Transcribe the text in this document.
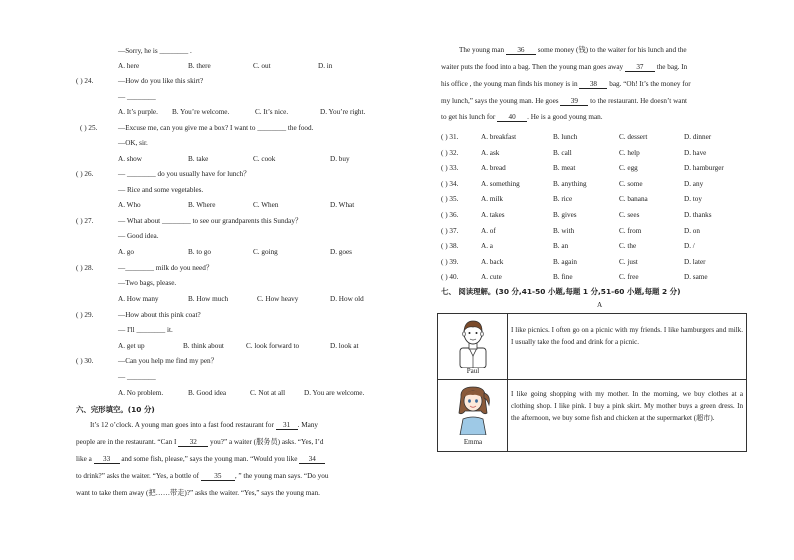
—Sorry, he is ________ .
A. here	B. there	C. out	D. in
( ) 24.	—How do you like this skirt?
— ________
A. It’s purple. B. You’re welcome.	C. It’s nice.	D. You’re right.
( ) 25.	—Excuse me, can you give me a box? I want to ________ the food.
—OK, sir.
A. show	B. take	C. cook	D. buy
( ) 26.	— ________ do you usually have for lunch？
— Rice and some vegetables.
A. Who	B. Where	C. When	D. What
( ) 27.	— What about ________ to see our grandparents this Sunday？
— Good idea.
A. go	B. to go	C. going	D. goes
( ) 28.	—________ milk do you need？
—Two bags, please.
A. How many	B. How much	C. How heavy	D. How old
( ) 29.	—How about this pink coat?
— I'll ________ it.
A. get up	B. think about	C. look forward to	D. look at
( ) 30.	—Can you help me find my pen？
— ________
A. No problem.	B. Good idea	C. Not at all	D. You are welcome.
六、完形填空。(10 分)
It’s 12 o’clock. A young man goes into a fast food restaurant for 31 . Many
people are in the restaurant. “Can I 32 you?” a waiter (服务员) asks. “Yes, I’d
like a 33 and some fish, please,” says the young man. “Would you like 34
to drink?” asks the waiter. “Yes, a bottle of 35 , ” the young man says. “Do you
want to take them away (把……带走)?” asks the waiter. “Yes,” says the young man.
The young man 36 some money (钱) to the waiter for his lunch and the
waiter puts the food into a bag. Then the young man goes away 37 the bag. In
his office , the young man finds his money is in 38 bag. “Oh! It’s the money for
my lunch,” says the young man. He goes 39 to the restaurant. He doesn’t want
to get his lunch for 40 . He is a good young man.
( ) 31.	A. breakfast	B. lunch	C. dessert	D. dinner
( ) 32.	A. ask	B. call	C. help	D. have
( ) 33.	A. bread	B. meat	C. egg	D. hamburger
( ) 34.	A. something	B. anything	C. some	D. any
( ) 35.	A. milk	B. rice	C. banana	D. toy
( ) 36.	A. takes	B. gives	C. sees	D. thanks
( ) 37.	A. of	B. with	C. from	D. on
( ) 38.	A. a	B. an	C. the	D. /
( ) 39.	A. back	B. again	C. just	D. later
( ) 40.	A. cute	B. fine	C. free	D. same
七、 阅读理解。(30 分,41-50 小题,每题 1 分,51-60 小题,每题 2 分)
A
Paul
I like picnics. I often go on a picnic with my friends. I like hamburgers and milk. I usually take the food and drink for a picnic.
Emma
I like going shopping with my mother. In the morning, we buy clothes at a clothing shop. I like pink. I buy a pink skirt. My mother buys a green dress. In the afternoon, we buy some fish and chicken at the supermarket (超市).
